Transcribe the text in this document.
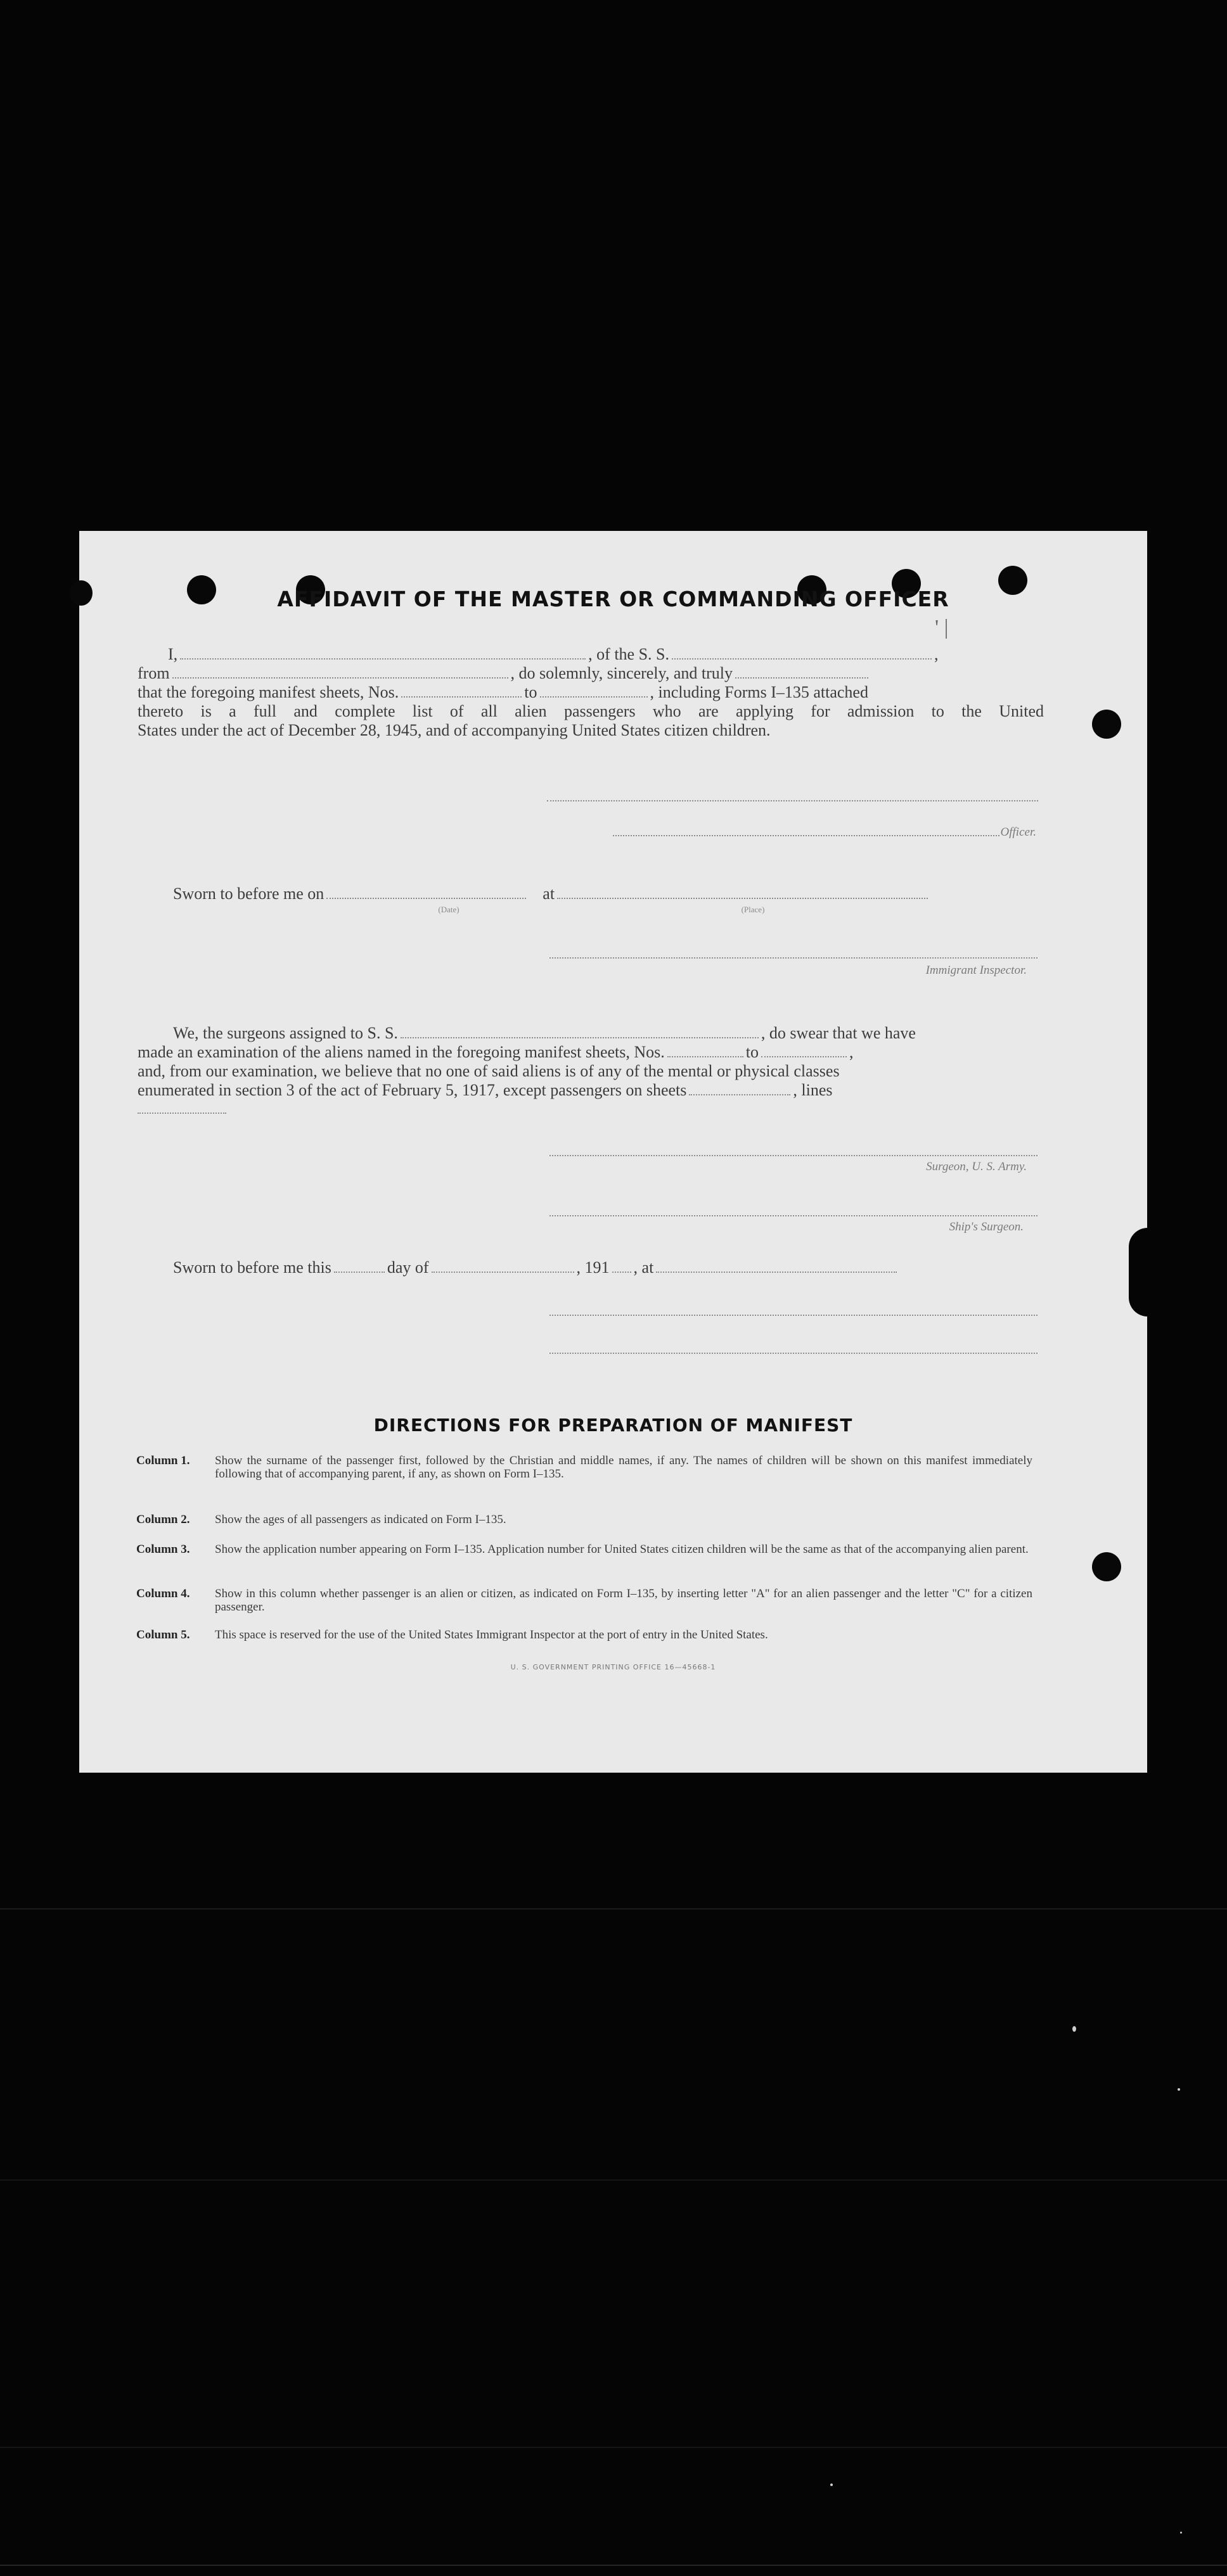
' |
AFFIDAVIT OF THE MASTER OR COMMANDING OFFICER
I,	, of the S. S.	,
from	, do solemnly, sincerely, and truly
that the foregoing manifest sheets, Nos.	to	, including Forms I–135 attached
thereto is a full and complete list of all alien passengers who are applying for admission to the United
States under the act of December 28, 1945, and of accompanying United States citizen children.
Officer.
Sworn to before me on	at
(Date)	(Place)
Immigrant Inspector.
We, the surgeons assigned to S. S.	, do swear that we have
made an examination of the aliens named in the foregoing manifest sheets, Nos.	to	,
and, from our examination, we believe that no one of said aliens is of any of the mental or physical classes
enumerated in section 3 of the act of February 5, 1917, except passengers on sheets	, lines
Surgeon, U. S. Army.
Ship's Surgeon.
Sworn to before me this	day of	, 191 , at
DIRECTIONS FOR PREPARATION OF MANIFEST
Column 1.	Show the surname of the passenger first, followed by the Christian and middle names, if any. The names of children will be shown on this manifest immediately following that of accompanying parent, if any, as shown on Form I–135.
Column 2.	Show the ages of all passengers as indicated on Form I–135.
Column 3.	Show the application number appearing on Form I–135. Application number for United States citizen children will be the same as that of the accompanying alien parent.
Column 4.	Show in this column whether passenger is an alien or citizen, as indicated on Form I–135, by inserting letter "A" for an alien passenger and the letter "C" for a citizen passenger.
Column 5.	This space is reserved for the use of the United States Immigrant Inspector at the port of entry in the United States.
U. S. GOVERNMENT PRINTING OFFICE 16—45668-1
